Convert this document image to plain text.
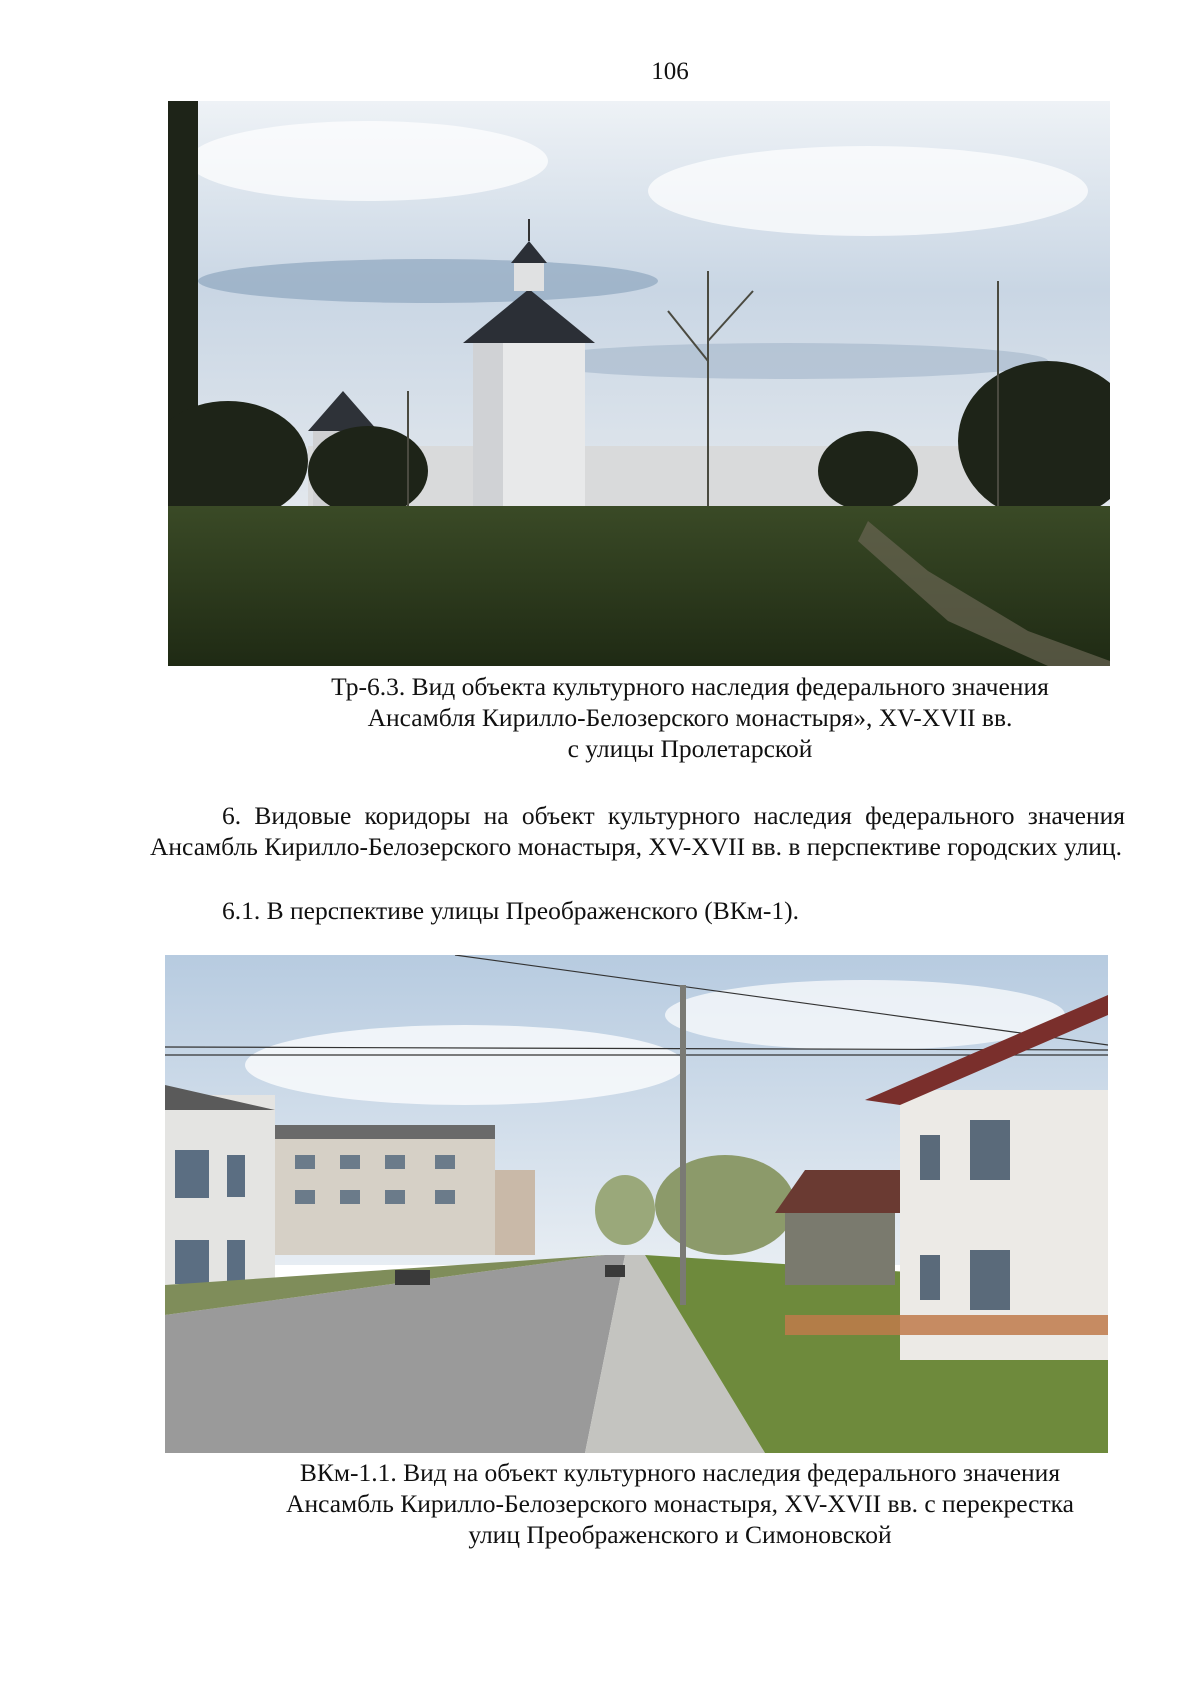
106
Тр-6.3. Вид объекта культурного наследия федерального значения
Ансамбля Кирилло-Белозерского монастыря», XV-XVII вв.
с улицы Пролетарской
6. Видовые коридоры на объект культурного наследия федерального значения Ансамбль Кирилло-Белозерского монастыря, XV-XVII вв. в перспективе городских улиц.
6.1. В перспективе улицы Преображенского (ВКм-1).
ВКм-1.1. Вид на объект культурного наследия федерального значения
Ансамбль Кирилло-Белозерского монастыря, XV-XVII вв. с перекрестка
улиц Преображенского и Симоновской
